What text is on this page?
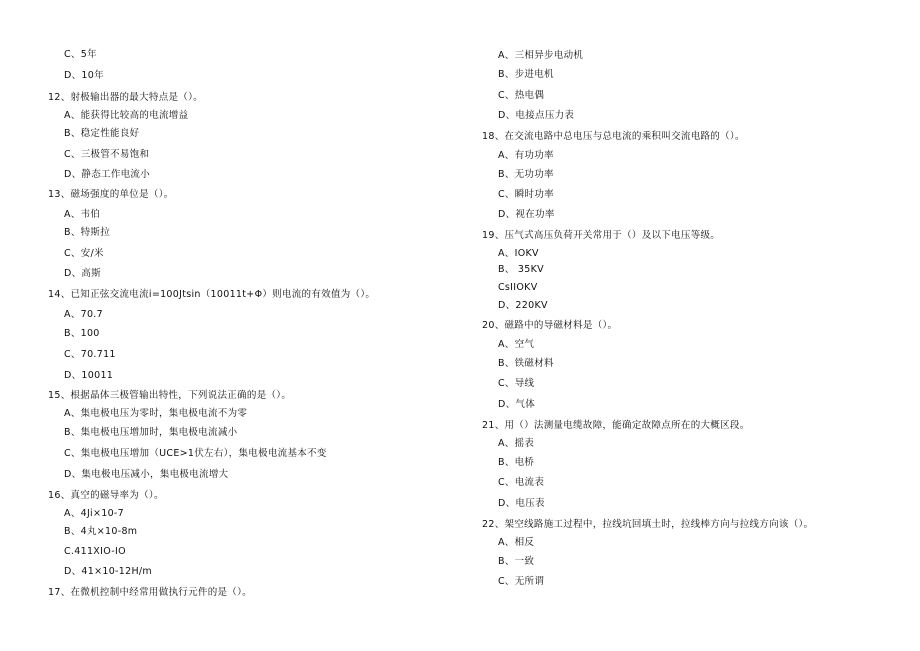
C、5年
D、10年
12、射极输出器的最大特点是（）。
A、能获得比较高的电流增益
B、稳定性能良好
C、三极管不易饱和
D、静态工作电流小
13、磁场强度的单位是（）。
A、韦伯
B、特斯拉
C、安/米
D、高斯
14、已知正弦交流电流i=100Jtsin（10011t+Φ）则电流的有效值为（）。
A、70.7
B、100
C、70.711
D、10011
15、根据晶体三极管输出特性，下列说法正确的是（）。
A、集电极电压为零时，集电极电流不为零
B、集电极电压增加时，集电极电流减小
C、集电极电压增加（UCE>1伏左右），集电极电流基本不变
D、集电极电压减小，集电极电流增大
16、真空的磁导率为（）。
A、4Ji×10-7
B、4丸×10-8m
C.411XIO-IO
D、41×10-12H/m
17、在微机控制中经常用做执行元件的是（）。
A、三相异步电动机
B、步进电机
C、热电偶
D、电接点压力表
18、在交流电路中总电压与总电流的乘积叫交流电路的（）。
A、有功功率
B、无功功率
C、瞬时功率
D、视在功率
19、压气式高压负荷开关常用于（）及以下电压等级。
A、IOKV
B、 35KV
CsIIOKV
D、220KV
20、磁路中的导磁材料是（）。
A、空气
B、铁磁材料
C、导线
D、气体
21、用（）法测量电缆故障，能确定故障点所在的大概区段。
A、摇表
B、电桥
C、电流表
D、电压表
22、架空线路施工过程中，拉线坑回填土时，拉线棒方向与拉线方向该（）。
A、相反
B、一致
C、无所谓
